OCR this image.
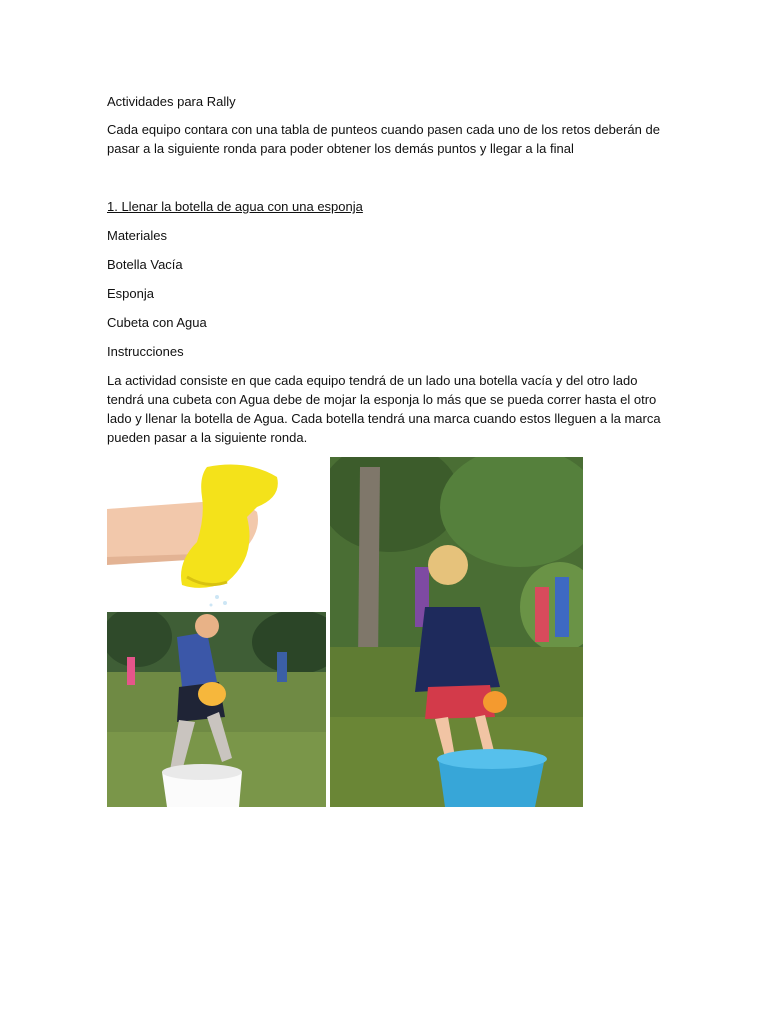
Actividades para Rally
Cada equipo contara con una tabla de punteos cuando pasen cada uno de los retos deberán de pasar a la siguiente ronda para poder obtener los demás puntos y llegar a la final
1. Llenar la botella de agua con una esponja
Materiales
Botella Vacía
Esponja
Cubeta con Agua
Instrucciones
La actividad consiste en que cada equipo tendrá de un lado una botella vacía y del otro lado tendrá una cubeta con Agua debe de mojar la esponja lo más que se pueda correr hasta el otro lado y llenar la botella de Agua. Cada botella tendrá una marca cuando estos lleguen a la marca pueden pasar a la siguiente ronda.
